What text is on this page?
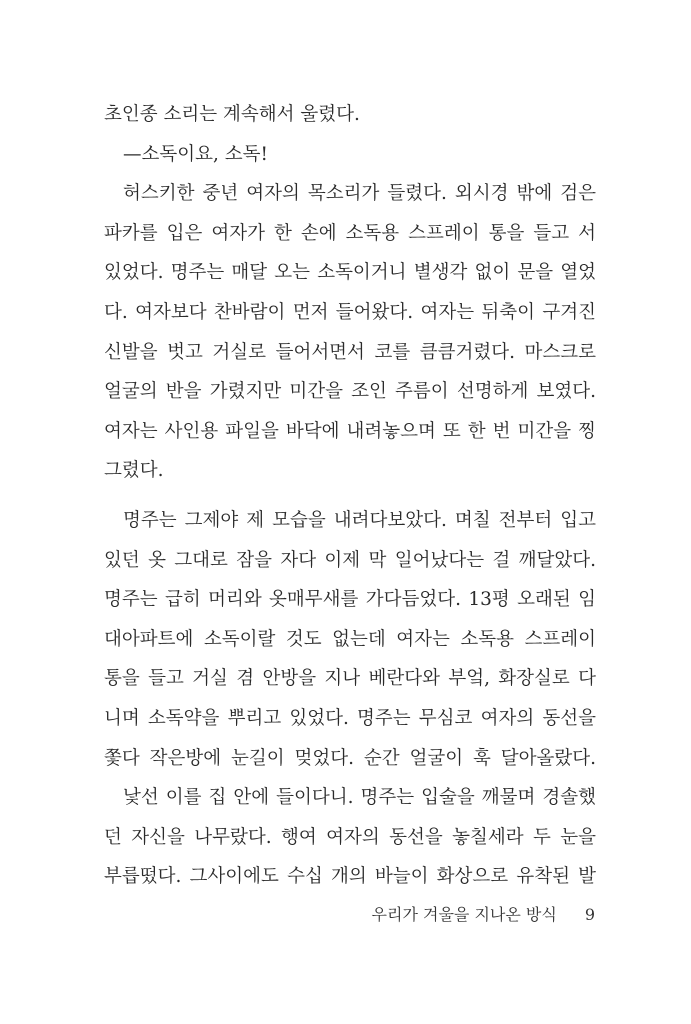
초인종 소리는 계속해서 울렸다.
—소독이요, 소독!
허스키한 중년 여자의 목소리가 들렸다. 외시경 밖에 검은
파카를 입은 여자가 한 손에 소독용 스프레이 통을 들고 서
있었다. 명주는 매달 오는 소독이거니 별생각 없이 문을 열었
다. 여자보다 찬바람이 먼저 들어왔다. 여자는 뒤축이 구겨진
신발을 벗고 거실로 들어서면서 코를 큼큼거렸다. 마스크로
얼굴의 반을 가렸지만 미간을 조인 주름이 선명하게 보였다.
여자는 사인용 파일을 바닥에 내려놓으며 또 한 번 미간을 찡
그렸다.
명주는 그제야 제 모습을 내려다보았다. 며칠 전부터 입고
있던 옷 그대로 잠을 자다 이제 막 일어났다는 걸 깨달았다.
명주는 급히 머리와 옷매무새를 가다듬었다. 13평 오래된 임
대아파트에 소독이랄 것도 없는데 여자는 소독용 스프레이
통을 들고 거실 겸 안방을 지나 베란다와 부엌, 화장실로 다
니며 소독약을 뿌리고 있었다. 명주는 무심코 여자의 동선을
쫓다 작은방에 눈길이 멎었다. 순간 얼굴이 훅 달아올랐다.
낯선 이를 집 안에 들이다니. 명주는 입술을 깨물며 경솔했
던 자신을 나무랐다. 행여 여자의 동선을 놓칠세라 두 눈을
부릅떴다. 그사이에도 수십 개의 바늘이 화상으로 유착된 발
우리가 겨울을 지나온 방식 9
